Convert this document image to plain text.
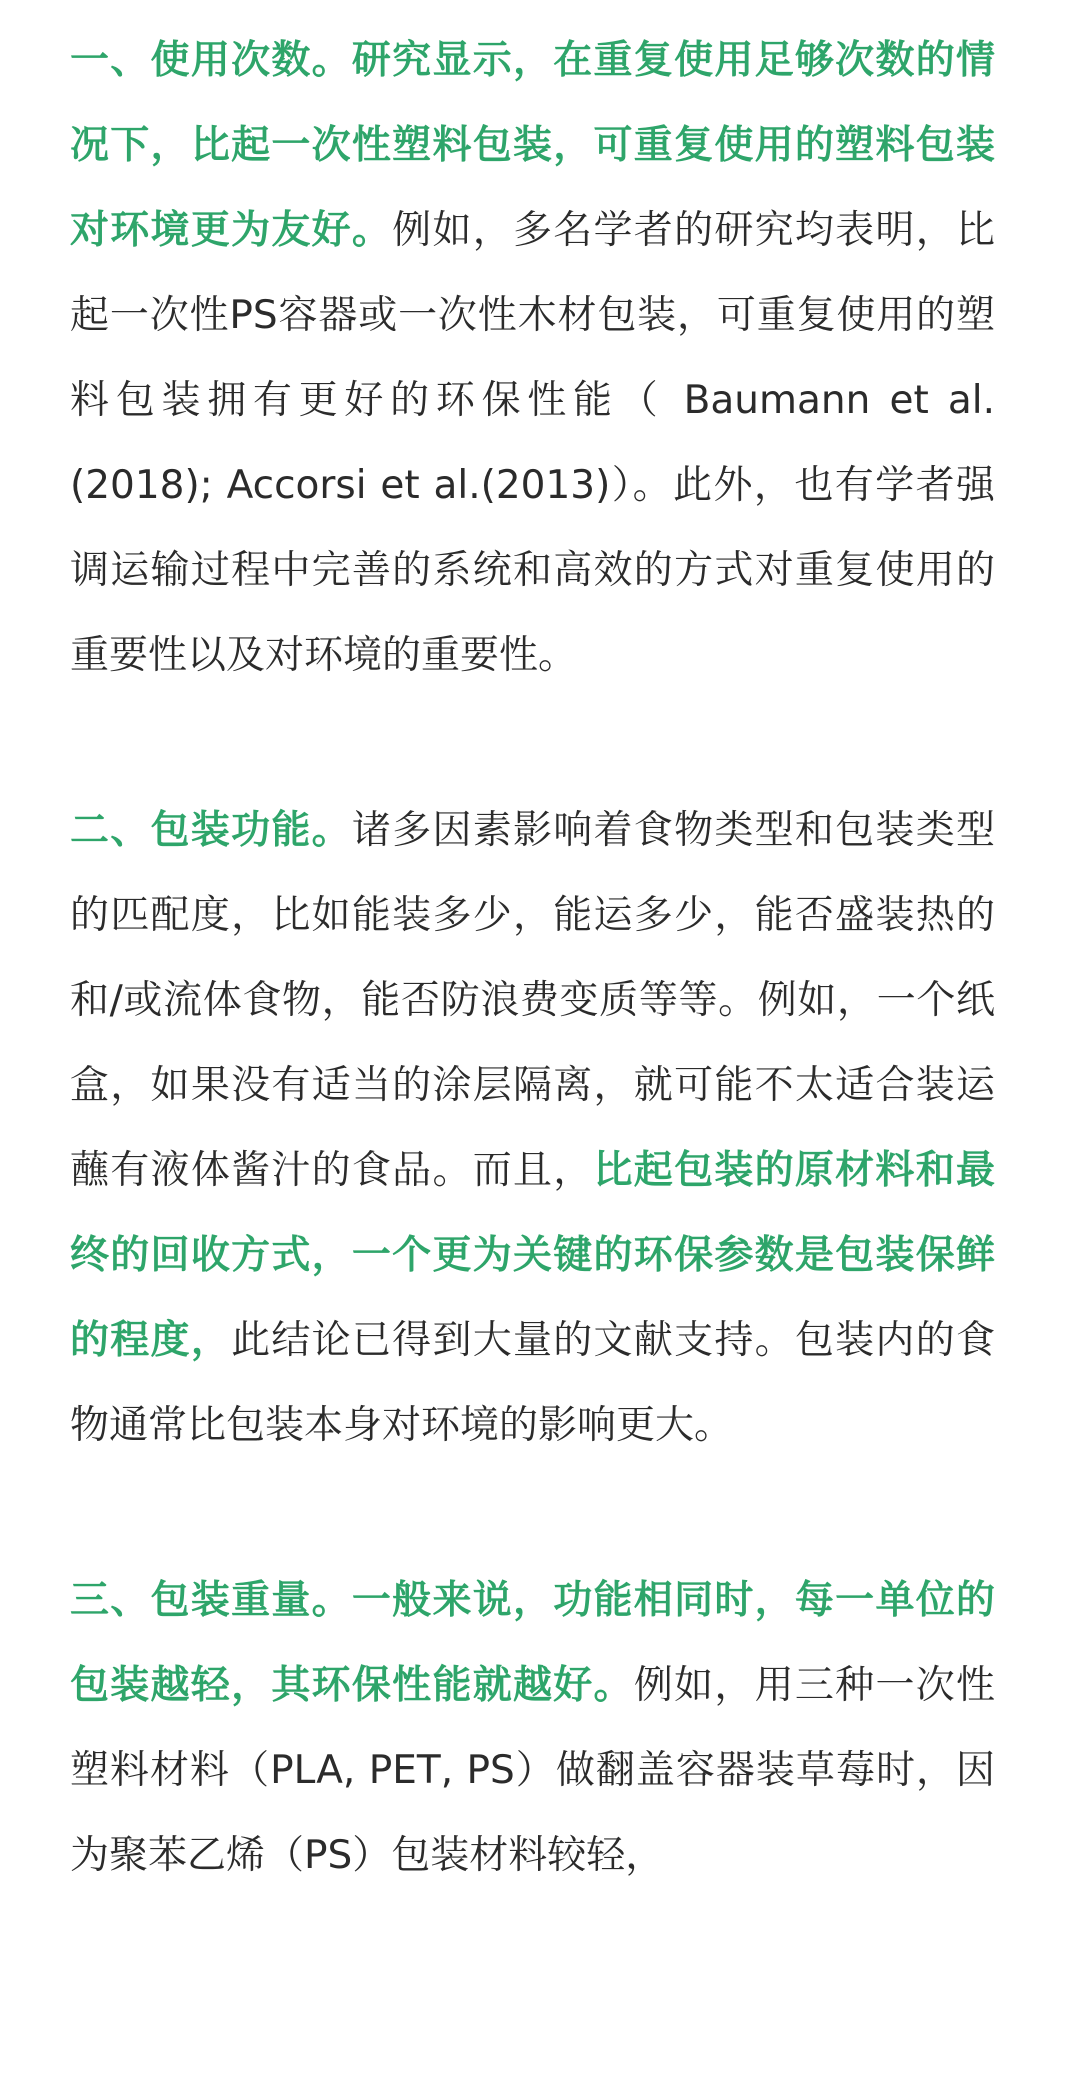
一、使用次数。研究显示，在重复使用足够次数的情况下，比起一次性塑料包装，可重复使用的塑料包装对环境更为友好。例如，多名学者的研究均表明，比起一次性PS容器或一次性木材包装，可重复使用的塑料包装拥有更好的环保性能（ Baumann et al.(2018); Accorsi et al.(2013)）。此外，也有学者强调运输过程中完善的系统和高效的方式对重复使用的重要性以及对环境的重要性。

二、包装功能。诸多因素影响着食物类型和包装类型的匹配度，比如能装多少，能运多少，能否盛装热的和/或流体食物，能否防浪费变质等等。例如，一个纸盒，如果没有适当的涂层隔离，就可能不太适合装运蘸有液体酱汁的食品。而且，比起包装的原材料和最终的回收方式，一个更为关键的环保参数是包装保鲜的程度，此结论已得到大量的文献支持。包装内的食物通常比包装本身对环境的影响更大。

三、包装重量。一般来说，功能相同时，每一单位的包装越轻，其环保性能就越好。例如，用三种一次性塑料材料（PLA, PET, PS）做翻盖容器装草莓时，因为聚苯乙烯（PS）包装材料较轻，
